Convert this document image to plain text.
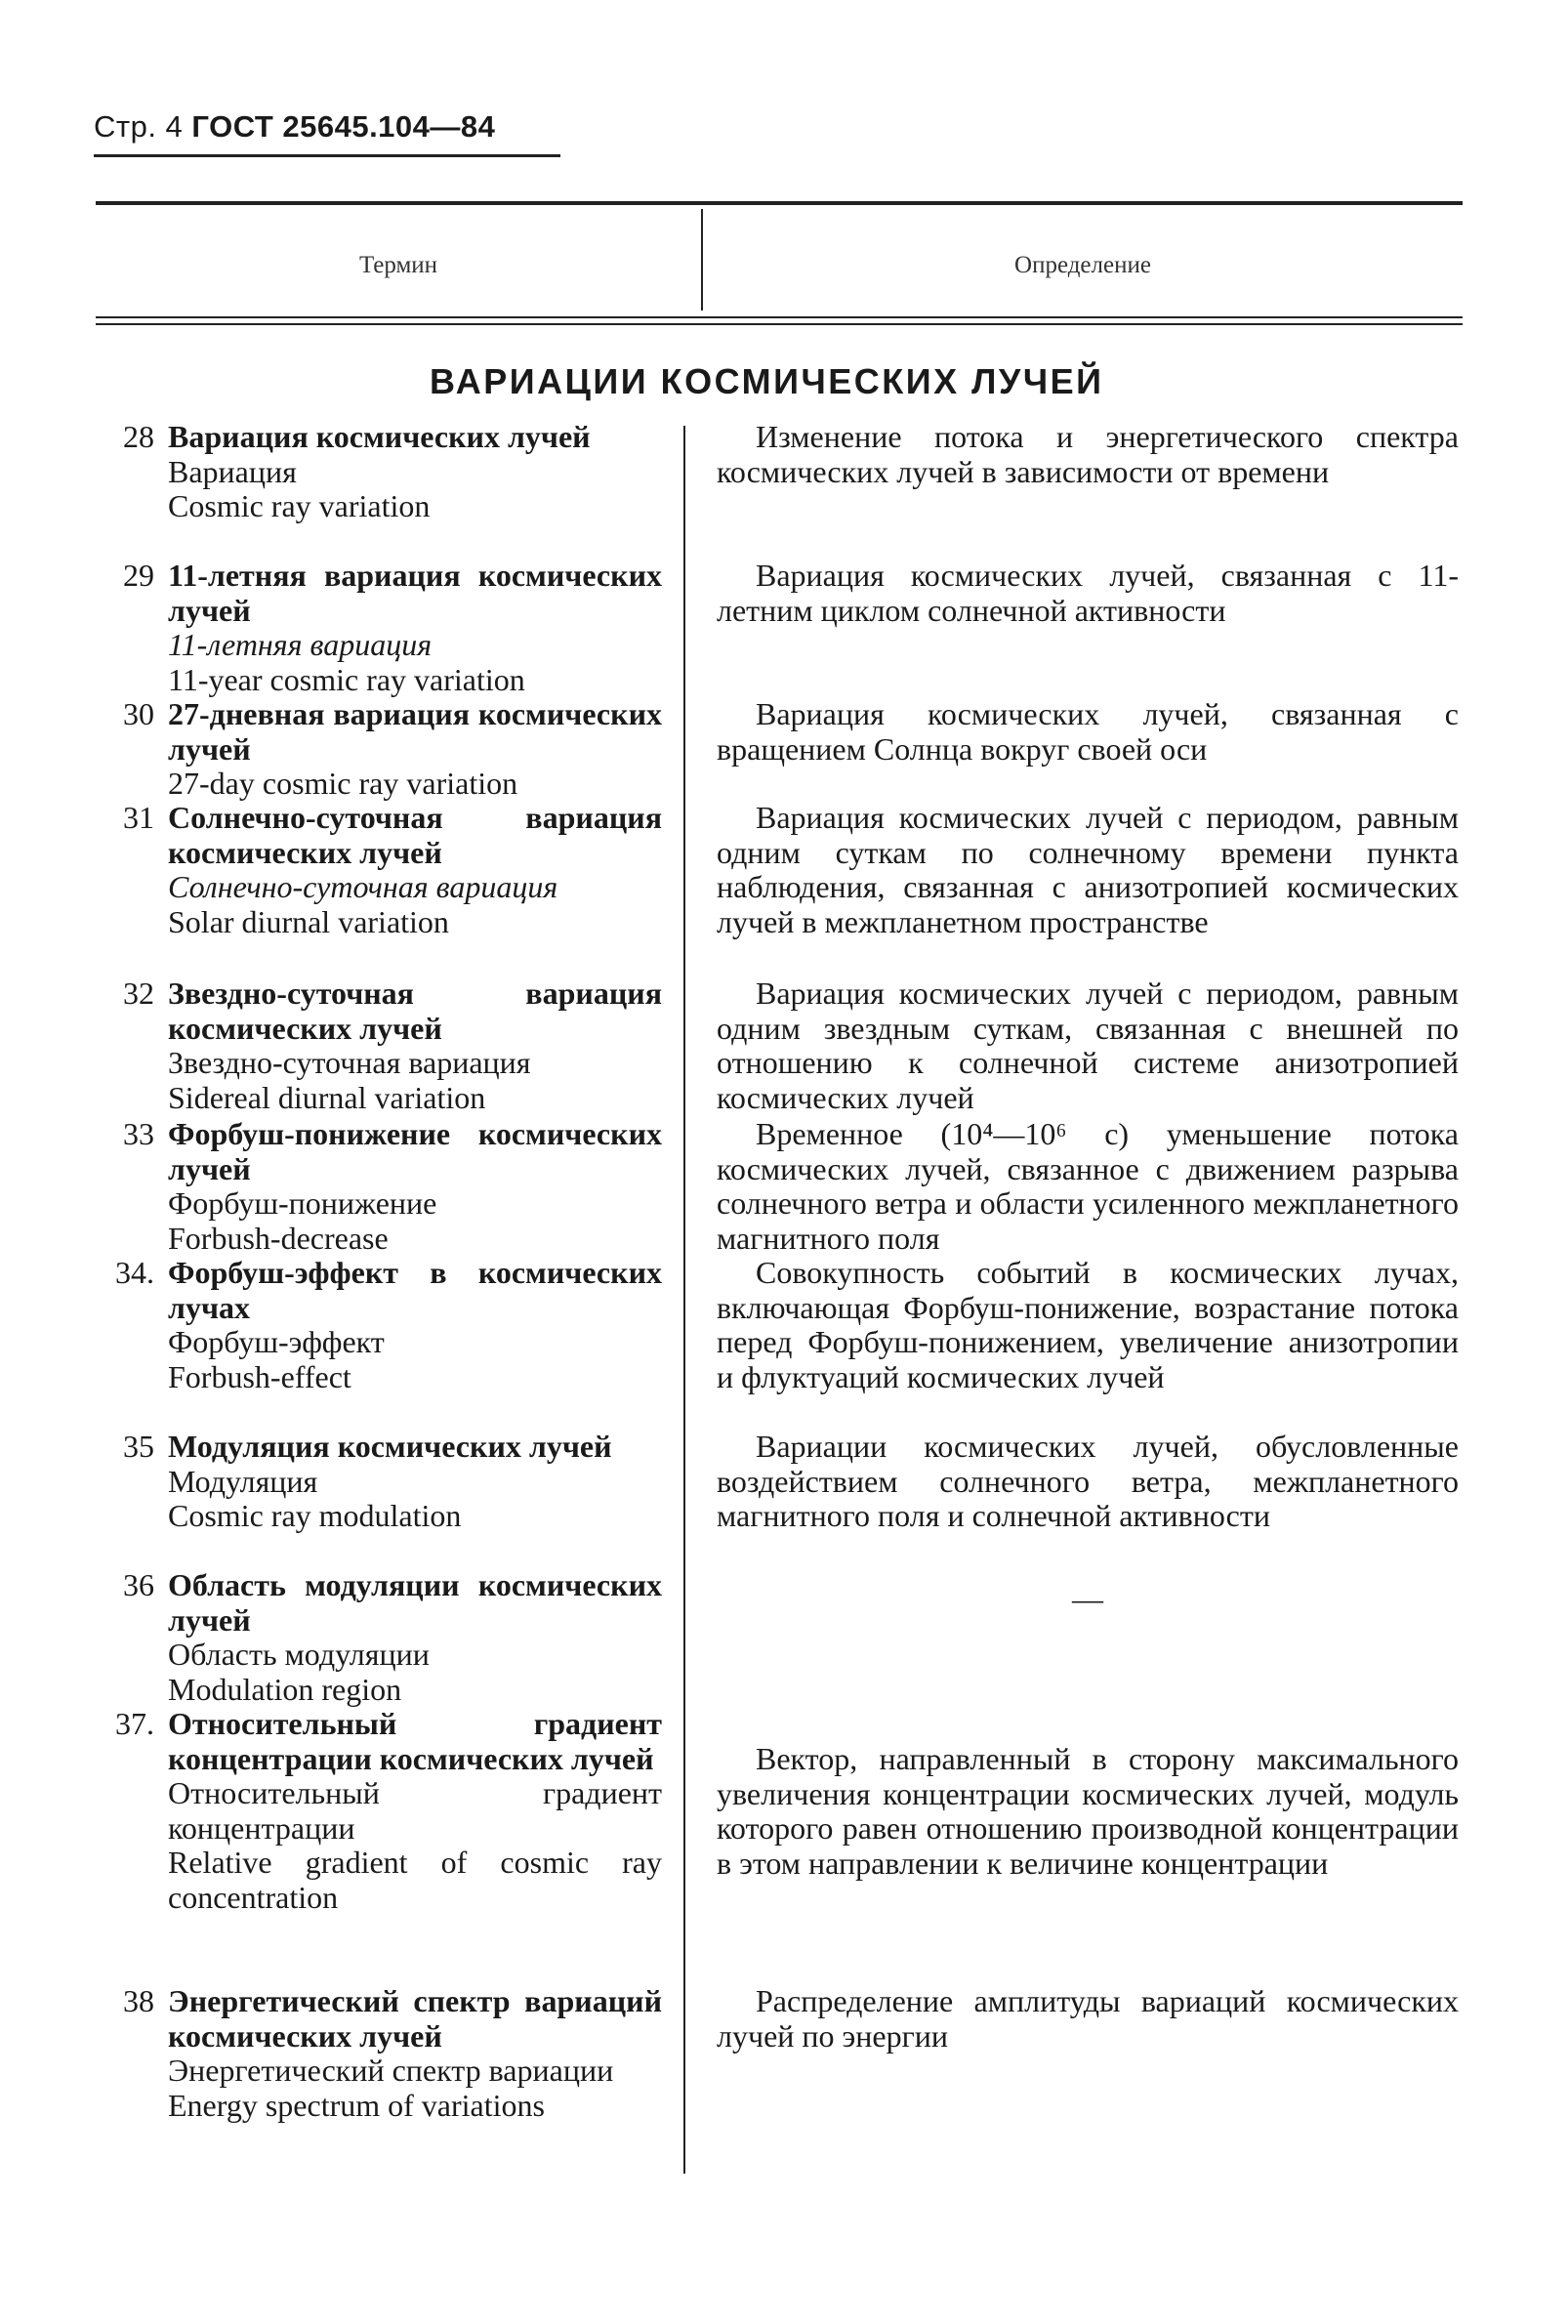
Стр. 4 ГОСТ 25645.104—84
Термин	Определение
ВАРИАЦИИ КОСМИЧЕСКИХ ЛУЧЕЙ
28 Вариация космических лучей
Вариация
Cosmic ray variation
Изменение потока и энергетического спектра космических лучей в зависимости от времени
29 11-летняя вариация космических лучей
11-летняя вариация
11-year cosmic ray variation
Вариация космических лучей, связанная с 11-летним циклом солнечной активности
30 27-дневная вариация космических лучей
27-day cosmic ray variation
Вариация космических лучей, связанная с вращением Солнца вокруг своей оси
31 Солнечно-суточная вариация космических лучей
Солнечно-суточная вариация
Solar diurnal variation
Вариация космических лучей с периодом, равным одним суткам по солнечному времени пункта наблюдения, связанная с анизотропией космических лучей в межпланетном пространстве
32 Звездно-суточная вариация космических лучей
Звездно-суточная вариация
Sidereal diurnal variation
Вариация космических лучей с периодом, равным одним звездным суткам, связанная с внешней по отношению к солнечной системе анизотропией космических лучей
33 Форбуш-понижение космических лучей
Форбуш-понижение
Forbush-decrease
Временное (10⁴—10⁶ с) уменьшение потока космических лучей, связанное с движением разрыва солнечного ветра и области усиленного межпланетного магнитного поля
34. Форбуш-эффект в космических лучах
Форбуш-эффект
Forbush-effect
Совокупность событий в космических лучах, включающая Форбуш-понижение, возрастание потока перед Форбуш-понижением, увеличение анизотропии и флуктуаций космических лучей
35 Модуляция космических лучей
Модуляция
Cosmic ray modulation
Вариации космических лучей, обусловленные воздействием солнечного ветра, межпланетного магнитного поля и солнечной активности
36 Область модуляции космических лучей
Область модуляции
Modulation region
—
37. Относительный градиент концентрации космических лучей
Относительный градиент концентрации
Relative gradient of cosmic ray concentration
Вектор, направленный в сторону максимального увеличения концентрации космических лучей, модуль которого равен отношению производной концентрации в этом направлении к величине концентрации
38 Энергетический спектр вариаций космических лучей
Энергетический спектр вариации
Energy spectrum of variations
Распределение амплитуды вариаций космических лучей по энергии
